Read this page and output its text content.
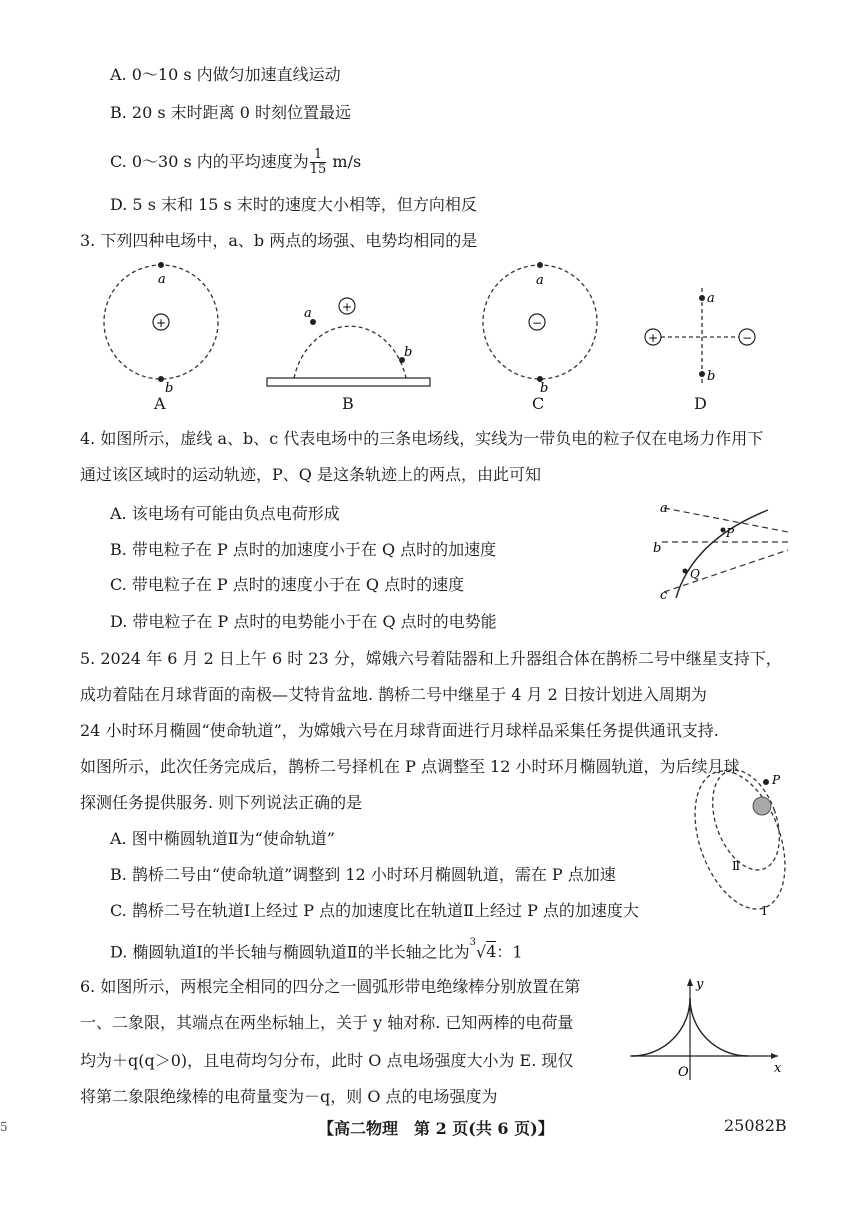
A. 0～10 s 内做匀加速直线运动
B. 20 s 末时距离 0 时刻位置最远
C. 0～30 s 内的平均速度为 $\frac{1}{15} m/s$
D. 5 s 末和 15 s 末时的速度大小相等，但方向相反
3. 下列四种电场中，a、b 两点的场强、电势均相同的是
+
a
b
A
+
a
b
B
−
a
b
C
+	−
a
b
D
4. 如图所示，虚线 a、b、c 代表电场中的三条电场线，实线为一带负电的粒子仅在电场力作用下
通过该区域时的运动轨迹，P、Q 是这条轨迹上的两点，由此可知
A. 该电场有可能由负点电荷形成
B. 带电粒子在 P 点时的加速度小于在 Q 点时的加速度
C. 带电粒子在 P 点时的速度小于在 Q 点时的速度
D. 带电粒子在 P 点时的电势能小于在 Q 点时的电势能
a
b
c
P
Q
5. 2024 年 6 月 2 日上午 6 时 23 分，嫦娥六号着陆器和上升器组合体在鹊桥二号中继星支持下，
成功着陆在月球背面的南极—艾特肯盆地. 鹊桥二号中继星于 4 月 2 日按计划进入周期为
24 小时环月椭圆“使命轨道”，为嫦娥六号在月球背面进行月球样品采集任务提供通讯支持.
如图所示，此次任务完成后，鹊桥二号择机在 P 点调整至 12 小时环月椭圆轨道，为后续月球
探测任务提供服务. 则下列说法正确的是
A. 图中椭圆轨道Ⅱ为“使命轨道”
B. 鹊桥二号由“使命轨道”调整到 12 小时环月椭圆轨道，需在 P 点加速
C. 鹊桥二号在轨道Ⅰ上经过 P 点的加速度比在轨道Ⅱ上经过 P 点的加速度大
D. 椭圆轨道Ⅰ的半长轴与椭圆轨道Ⅱ的半长轴之比为$^3$√4：1
P
Ⅱ
Ⅰ
6. 如图所示，两根完全相同的四分之一圆弧形带电绝缘棒分别放置在第
一、二象限，其端点在两坐标轴上，关于 y 轴对称. 已知两棒的电荷量
均为＋q(q＞0)，且电荷均匀分布，此时 O 点电场强度大小为 E. 现仅
将第二象限绝缘棒的电荷量变为－q，则 O 点的电场强度为
y
x
O
5	【高二物理　第 2 页(共 6 页)】	25082B
